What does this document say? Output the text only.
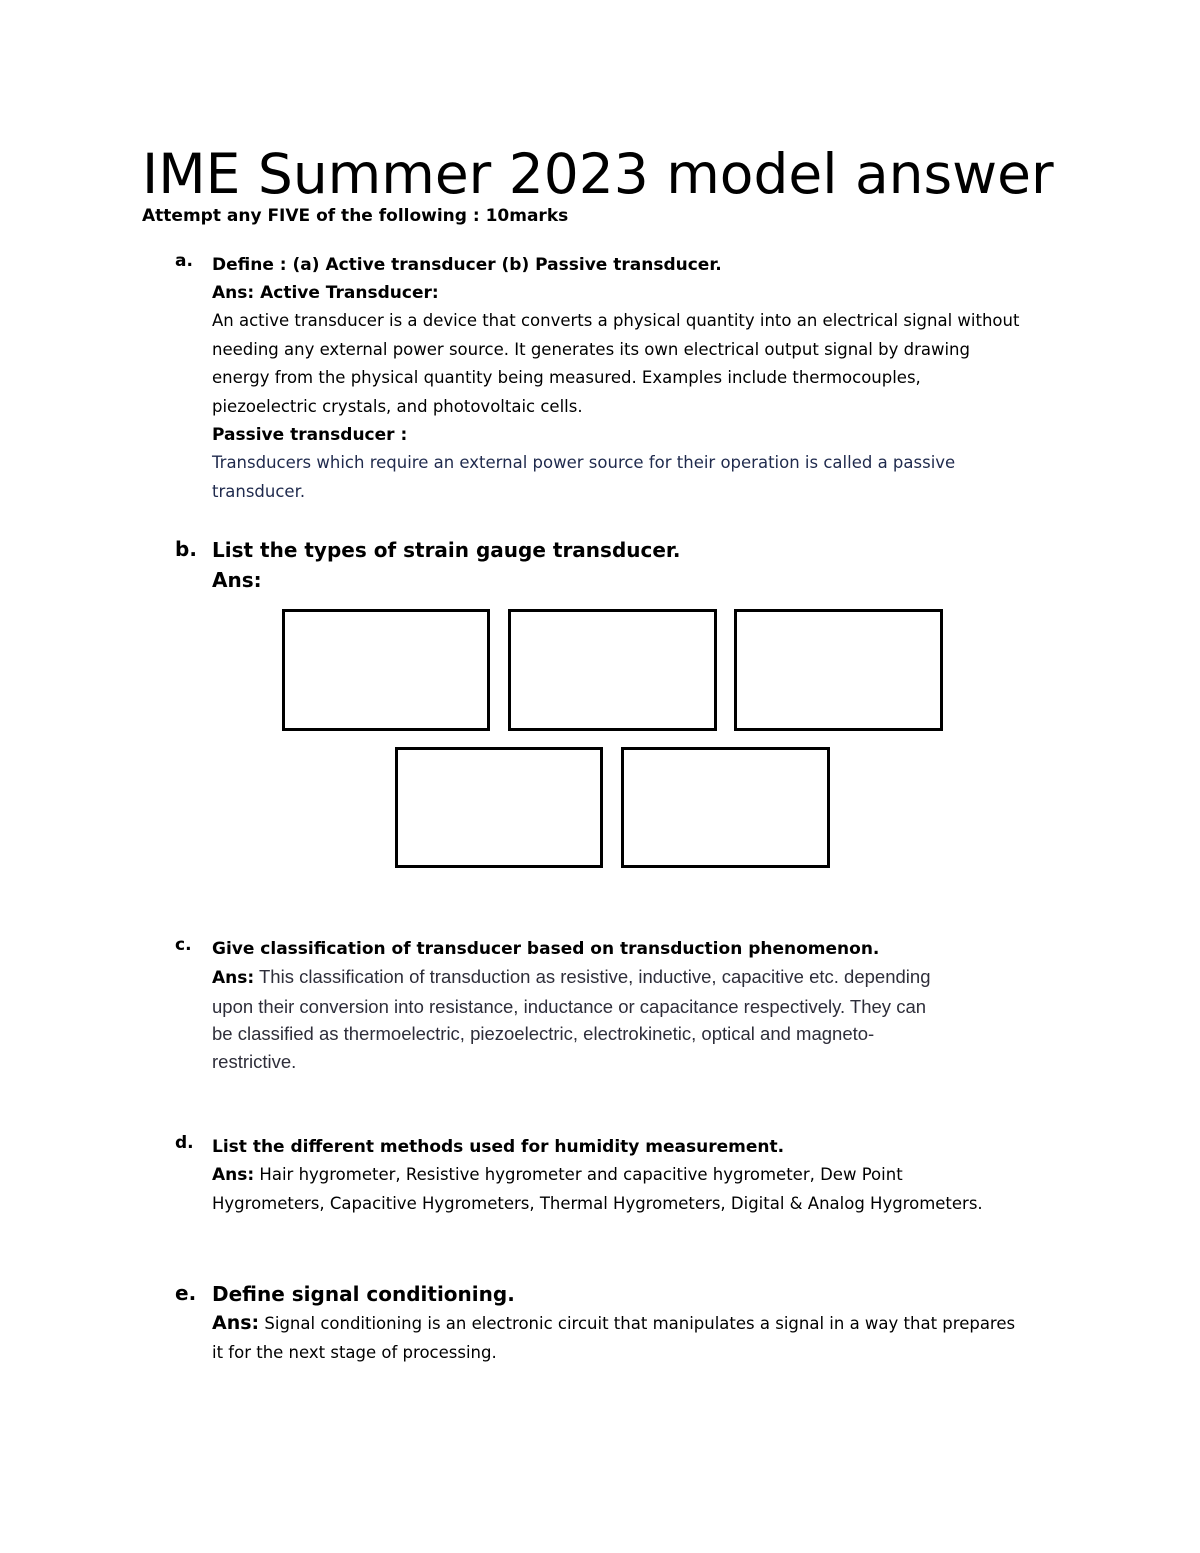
IME Summer 2023 model answer
Attempt any FIVE of the following : 10marks
a. Define : (a) Active transducer (b) Passive transducer.
Ans: Active Transducer:

An active transducer is a device that converts a physical quantity into an electrical signal without

needing any external power source. It generates its own electrical output signal by drawing

energy from the physical quantity being measured. Examples include thermocouples,

piezoelectric crystals, and photovoltaic cells.

Passive transducer :

Transducers which require an external power source for their operation is called a passive

transducer.

b. List the types of strain gauge transducer.
Ans:
c. Give classification of transducer based on transduction phenomenon.

Ans: This classification of transduction as resistive, inductive, capacitive etc. depending

upon their conversion into resistance, inductance or capacitance respectively. They can

be classified as thermoelectric, piezoelectric, electrokinetic, optical and magneto-

restrictive.

d. List the different methods used for humidity measurement.

Ans: Hair hygrometer, Resistive hygrometer and capacitive hygrometer, Dew Point

Hygrometers, Capacitive Hygrometers, Thermal Hygrometers, Digital & Analog Hygrometers.

e. Define signal conditioning.

Ans: Signal conditioning is an electronic circuit that manipulates a signal in a way that prepares

it for the next stage of processing.
